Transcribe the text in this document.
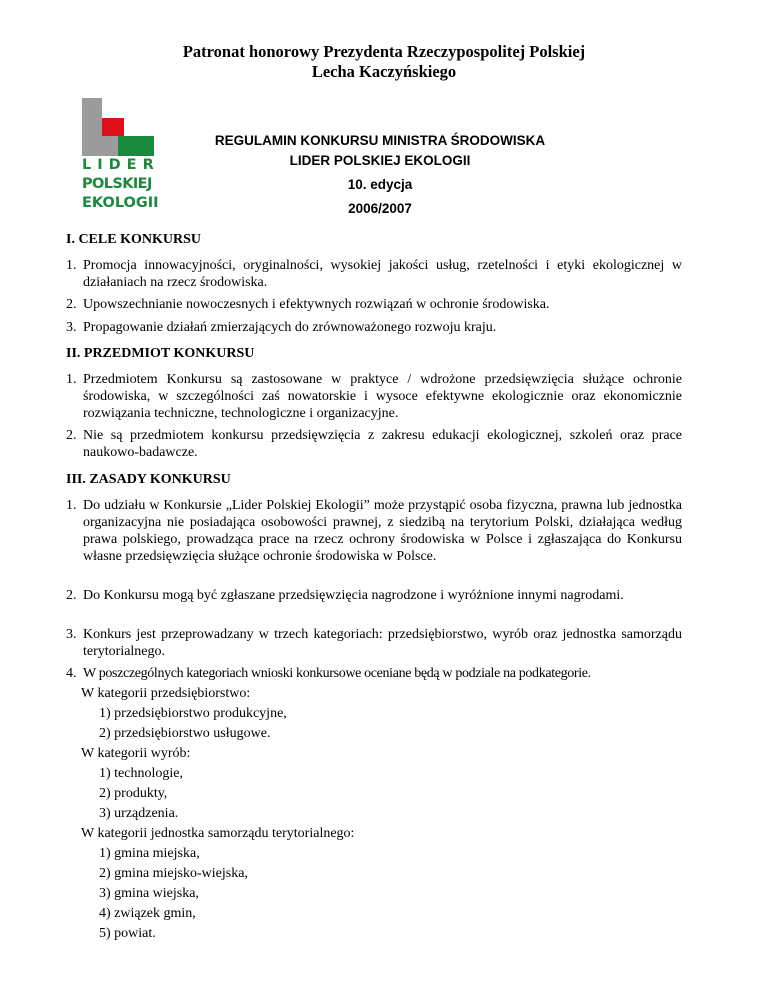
Patronat honorowy Prezydenta Rzeczypospolitej Polskiej
Lecha Kaczyńskiego
LIDER
POLSKIEJ
EKOLOGII
REGULAMIN KONKURSU MINISTRA ŚRODOWISKA
LIDER POLSKIEJ EKOLOGII
10. edycja
2006/2007
I. CELE KONKURSU
1. Promocja innowacyjności, oryginalności, wysokiej jakości usług, rzetelności i etyki ekologicznej w działaniach na rzecz środowiska.
2. Upowszechnianie nowoczesnych i efektywnych rozwiązań w ochronie środowiska.
3. Propagowanie działań zmierzających do zrównoważonego rozwoju kraju.
II. PRZEDMIOT KONKURSU
1. Przedmiotem Konkursu są zastosowane w praktyce / wdrożone przedsięwzięcia służące ochronie środowiska, w szczególności zaś nowatorskie i wysoce efektywne ekologicznie oraz ekonomicznie rozwiązania techniczne, technologiczne i organizacyjne.
2. Nie są przedmiotem konkursu przedsięwzięcia z zakresu edukacji ekologicznej, szkoleń oraz prace naukowo-badawcze.
III. ZASADY KONKURSU
1. Do udziału w Konkursie „Lider Polskiej Ekologii” może przystąpić osoba fizyczna, prawna lub jednostka organizacyjna nie posiadająca osobowości prawnej, z siedzibą na terytorium Polski, działająca według prawa polskiego, prowadząca prace na rzecz ochrony środowiska w Polsce i zgłaszająca do Konkursu własne przedsięwzięcia służące ochronie środowiska w Polsce.
2. Do Konkursu mogą być zgłaszane przedsięwzięcia nagrodzone i wyróżnione innymi nagrodami.
3. Konkurs jest przeprowadzany w trzech kategoriach: przedsiębiorstwo, wyrób oraz jednostka samorządu terytorialnego.
4. W poszczególnych kategoriach wnioski konkursowe oceniane będą w podziale na podkategorie.
W kategorii przedsiębiorstwo:
1) przedsiębiorstwo produkcyjne,
2) przedsiębiorstwo usługowe.
W kategorii wyrób:
1) technologie,
2) produkty,
3) urządzenia.
W kategorii jednostka samorządu terytorialnego:
1) gmina miejska,
2) gmina miejsko-wiejska,
3) gmina wiejska,
4) związek gmin,
5) powiat.
